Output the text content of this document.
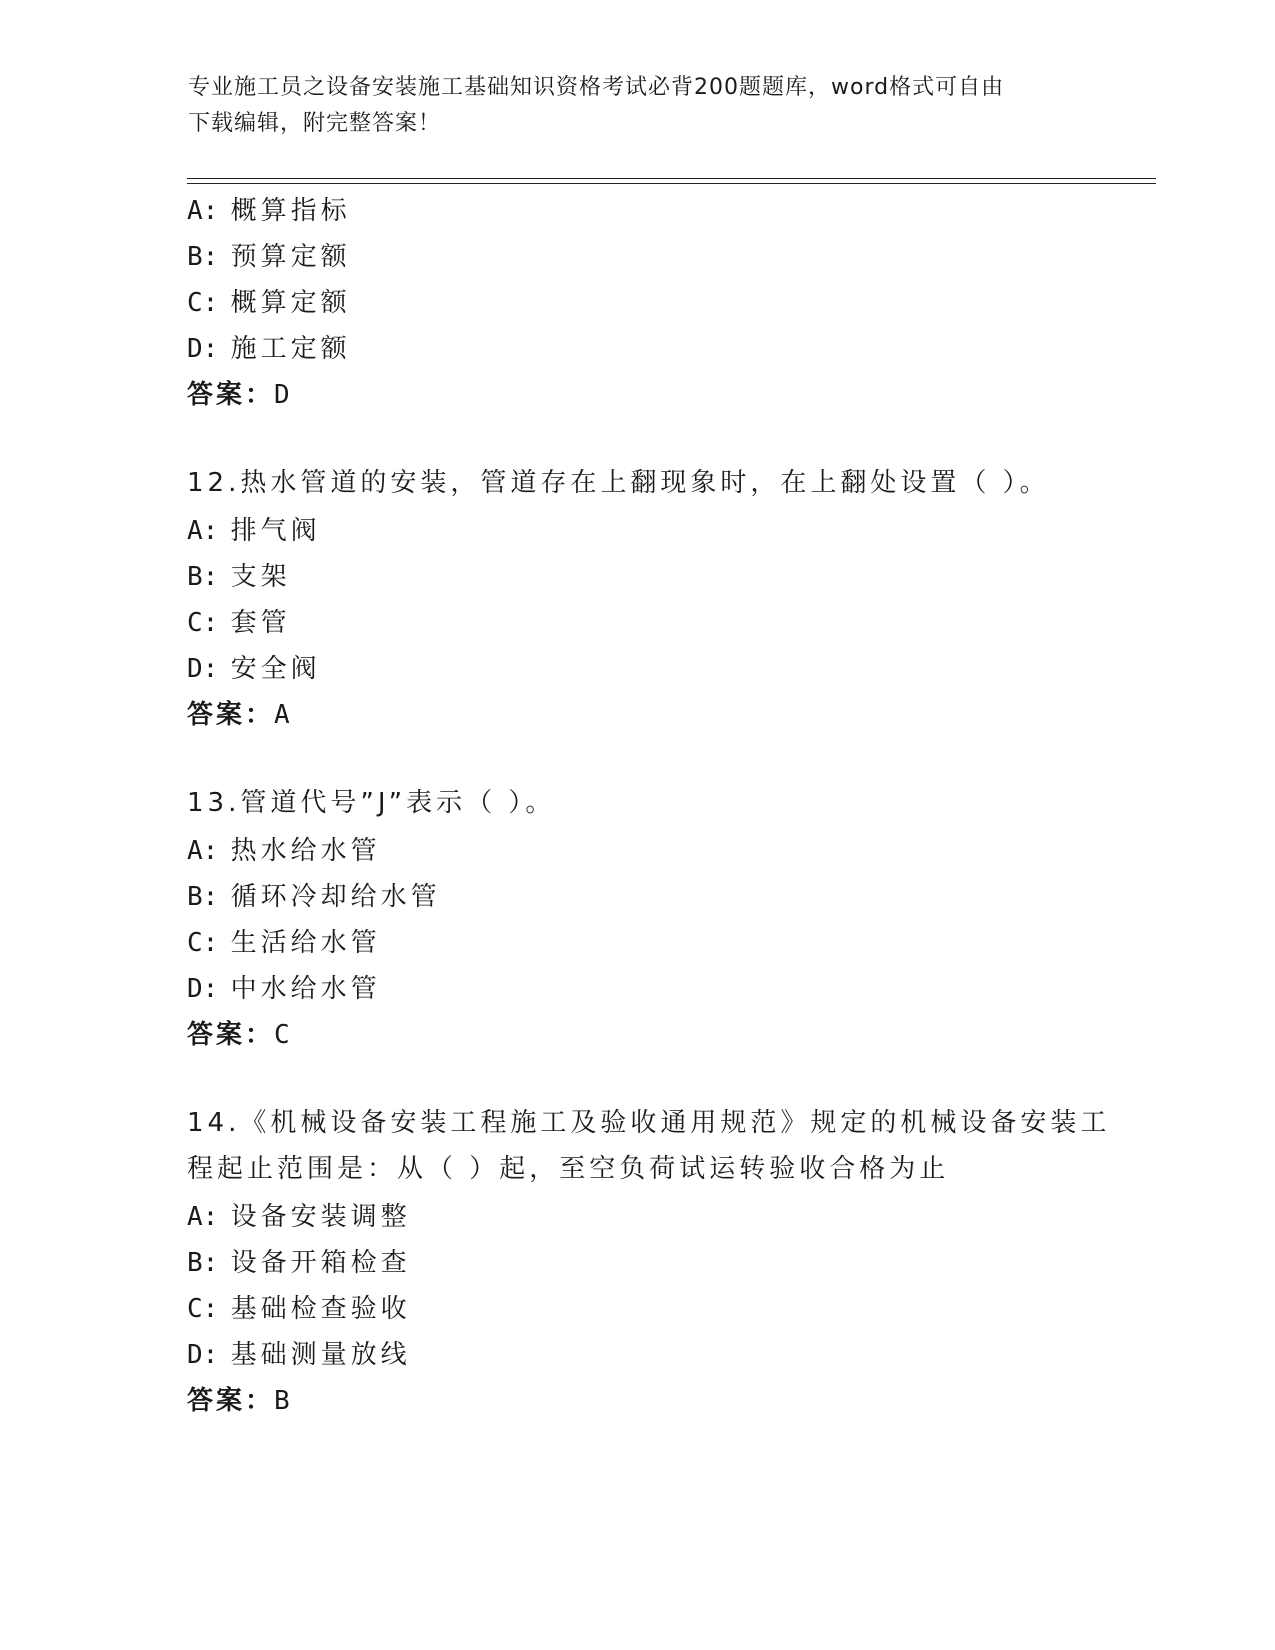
专业施工员之设备安装施工基础知识资格考试必背200题题库，word格式可自由
下载编辑，附完整答案！
A: 概算指标
B: 预算定额
C: 概算定额
D: 施工定额
答案：D
12.热水管道的安装，管道存在上翻现象时，在上翻处设置（ ）。
A: 排气阀
B: 支架
C: 套管
D: 安全阀
答案：A
13.管道代号”J”表示（ ）。
A: 热水给水管
B: 循环冷却给水管
C: 生活给水管
D: 中水给水管
答案：C
14.《机械设备安装工程施工及验收通用规范》规定的机械设备安装工
程起止范围是：从（ ）起，至空负荷试运转验收合格为止
A: 设备安装调整
B: 设备开箱检查
C: 基础检查验收
D: 基础测量放线
答案：B
